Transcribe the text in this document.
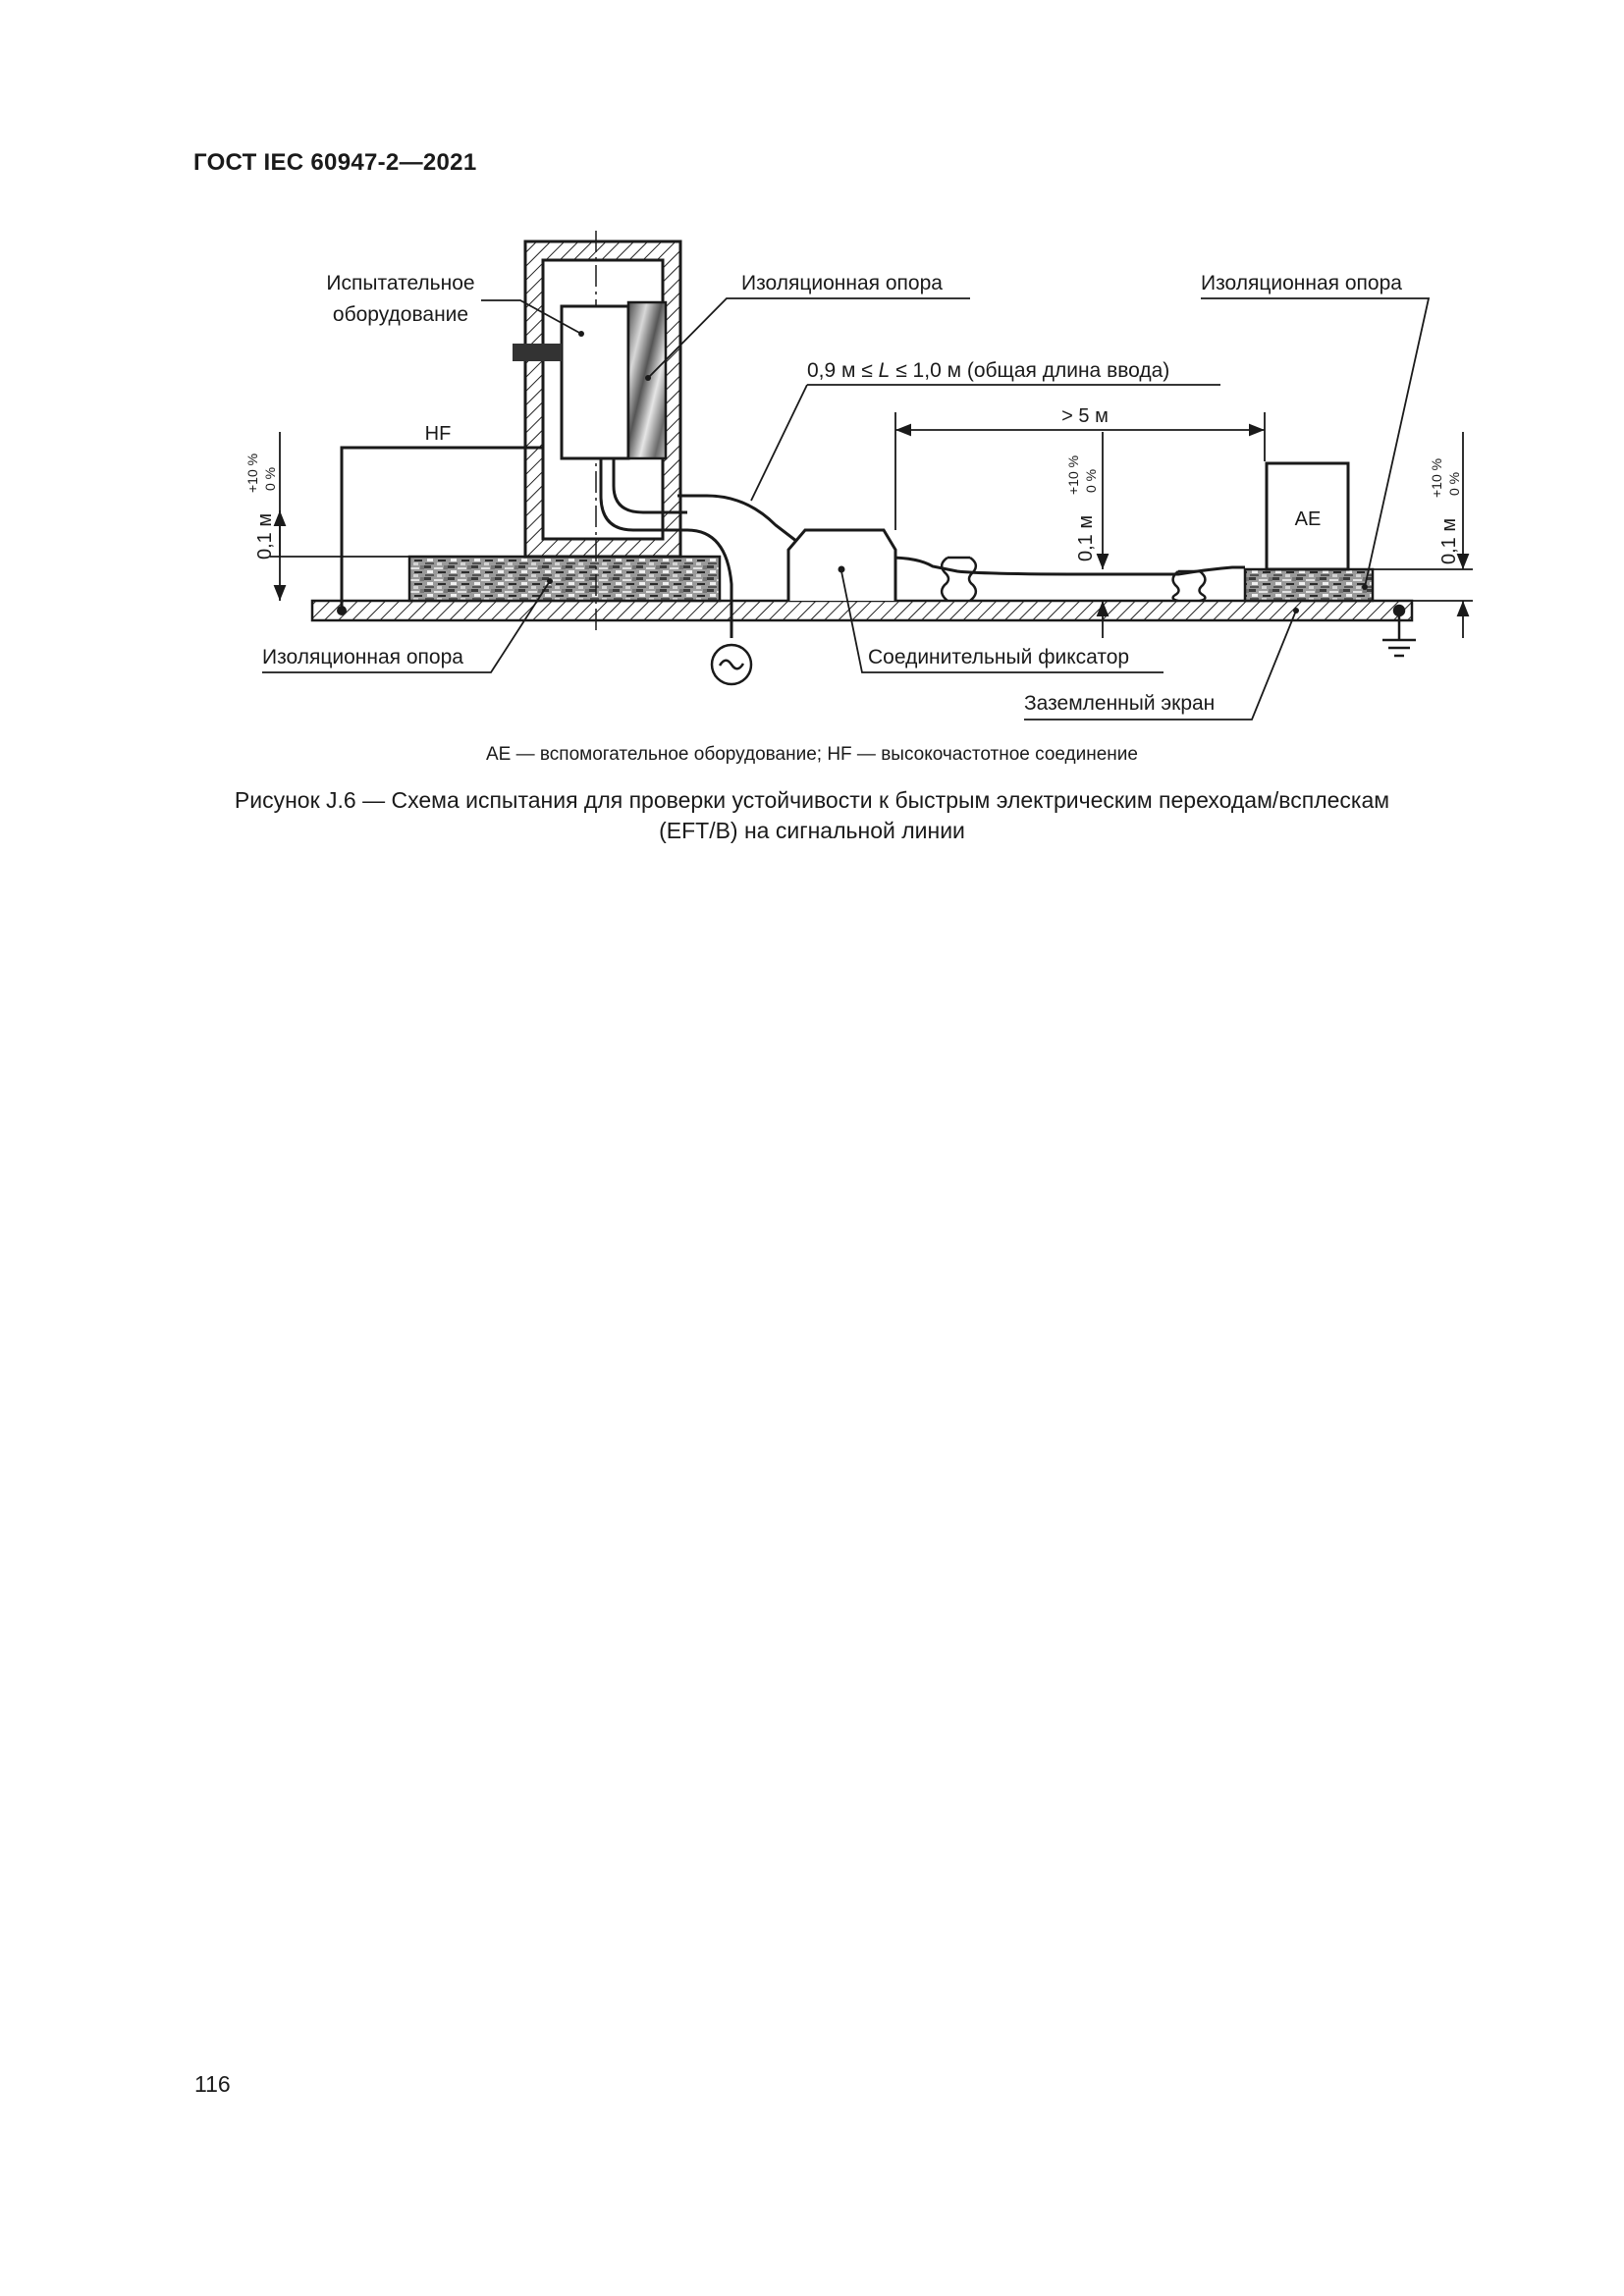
ГОСТ IEC 60947-2—2021
AE
> 5 м
0,9 м ≤ L ≤ 1,0 м (общая длина ввода)
HF
0,1 м
+10 % 0 %
0,1 м
+10 % 0 %
0,1 м
+10 % 0 %
Испытательное
оборудование
Изоляционная опора	Изоляционная опора
Изоляционная опора	Соединительный фиксатор
Заземленный экран
AE — вспомогательное оборудование; HF — высокочастотное соединение
Рисунок J.6 — Схема испытания для проверки устойчивости к быстрым электрическим переходам/всплескам
(EFT/B) на сигнальной линии
116
